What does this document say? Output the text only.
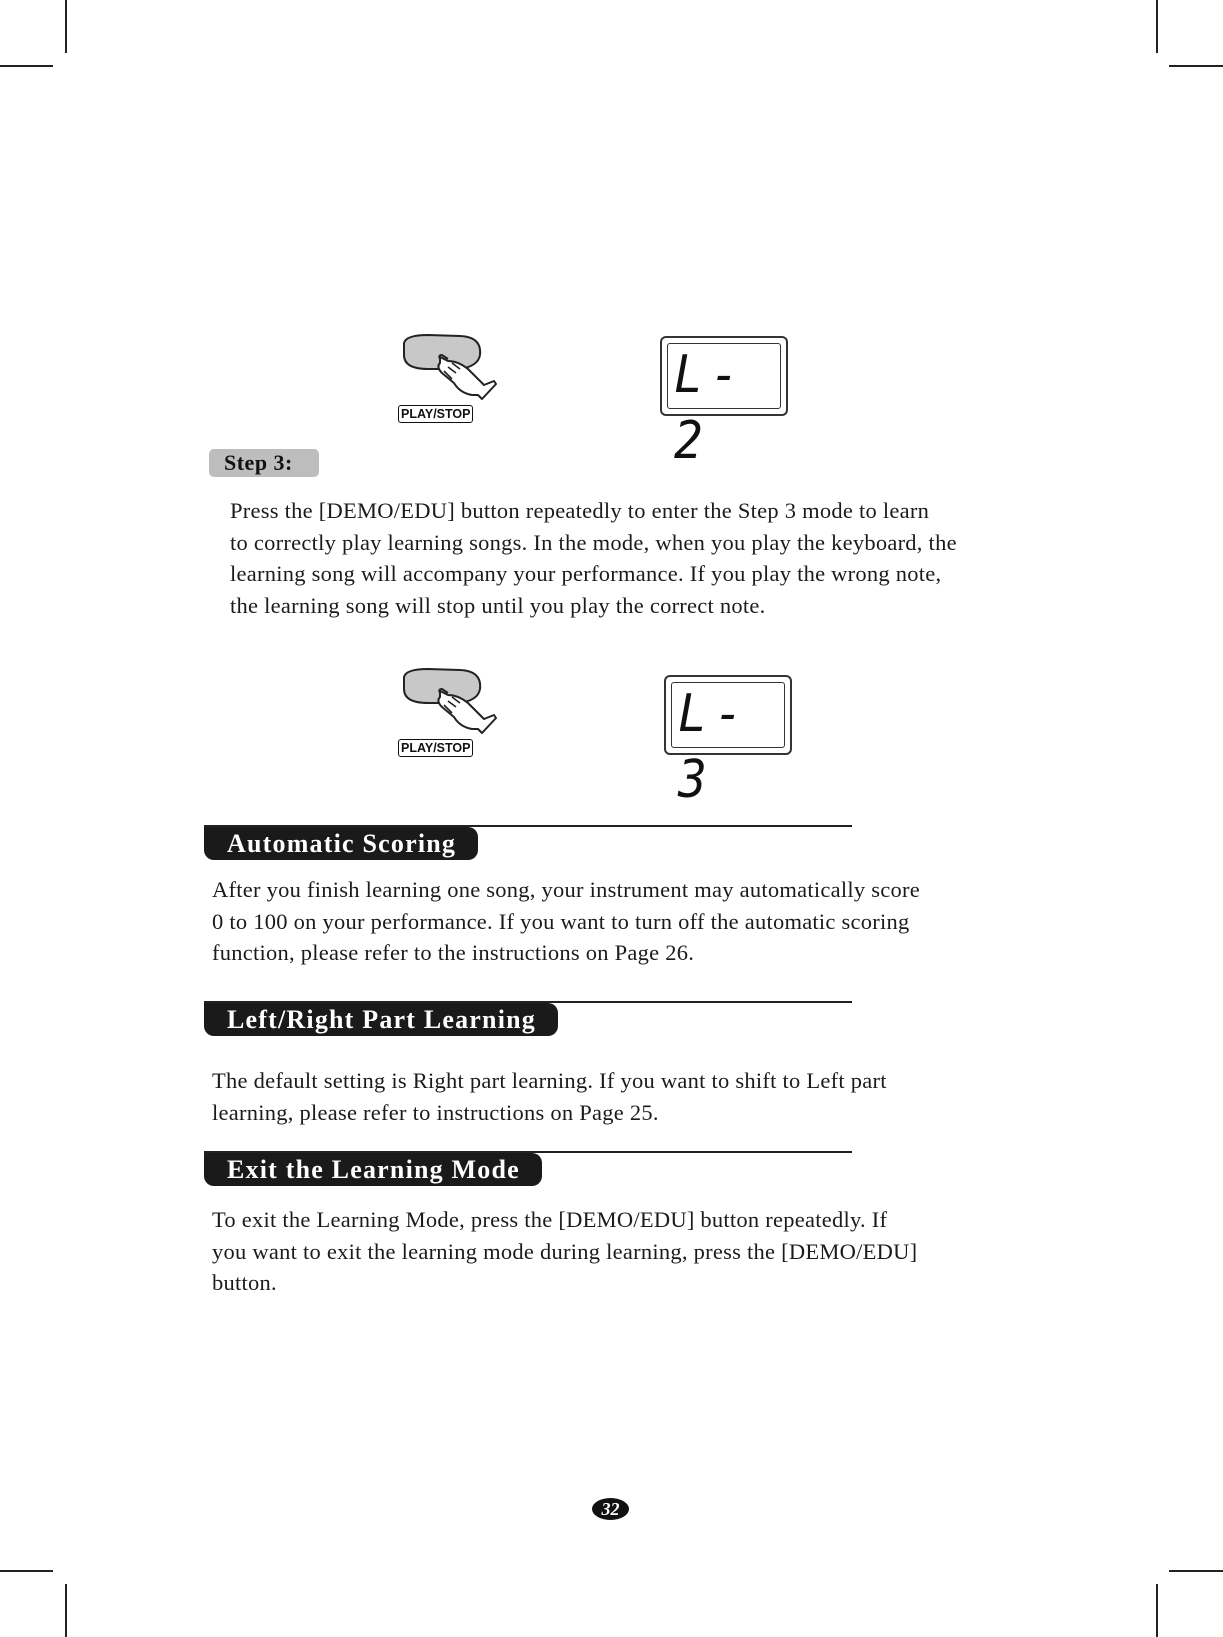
PLAY/STOP
L-2
Step 3:
Press the [DEMO/EDU] button repeatedly to enter the Step 3 mode to learn
to correctly play learning songs. In the mode, when you play the keyboard, the
learning song will accompany your performance. If you play the wrong note,
the learning song will stop until you play the correct note.
PLAY/STOP
L-3
Automatic Scoring
After you finish learning one song, your instrument may automatically score
0 to 100 on your performance. If you want to turn off the automatic scoring
function, please refer to the instructions on Page 26.
Left/Right Part Learning
The default setting is Right part learning. If you want to shift to Left part
learning, please refer to instructions on Page 25.
Exit the Learning Mode
To exit the Learning Mode, press the [DEMO/EDU] button repeatedly. If
you want to exit the learning mode during learning, press the [DEMO/EDU]
button.
32
